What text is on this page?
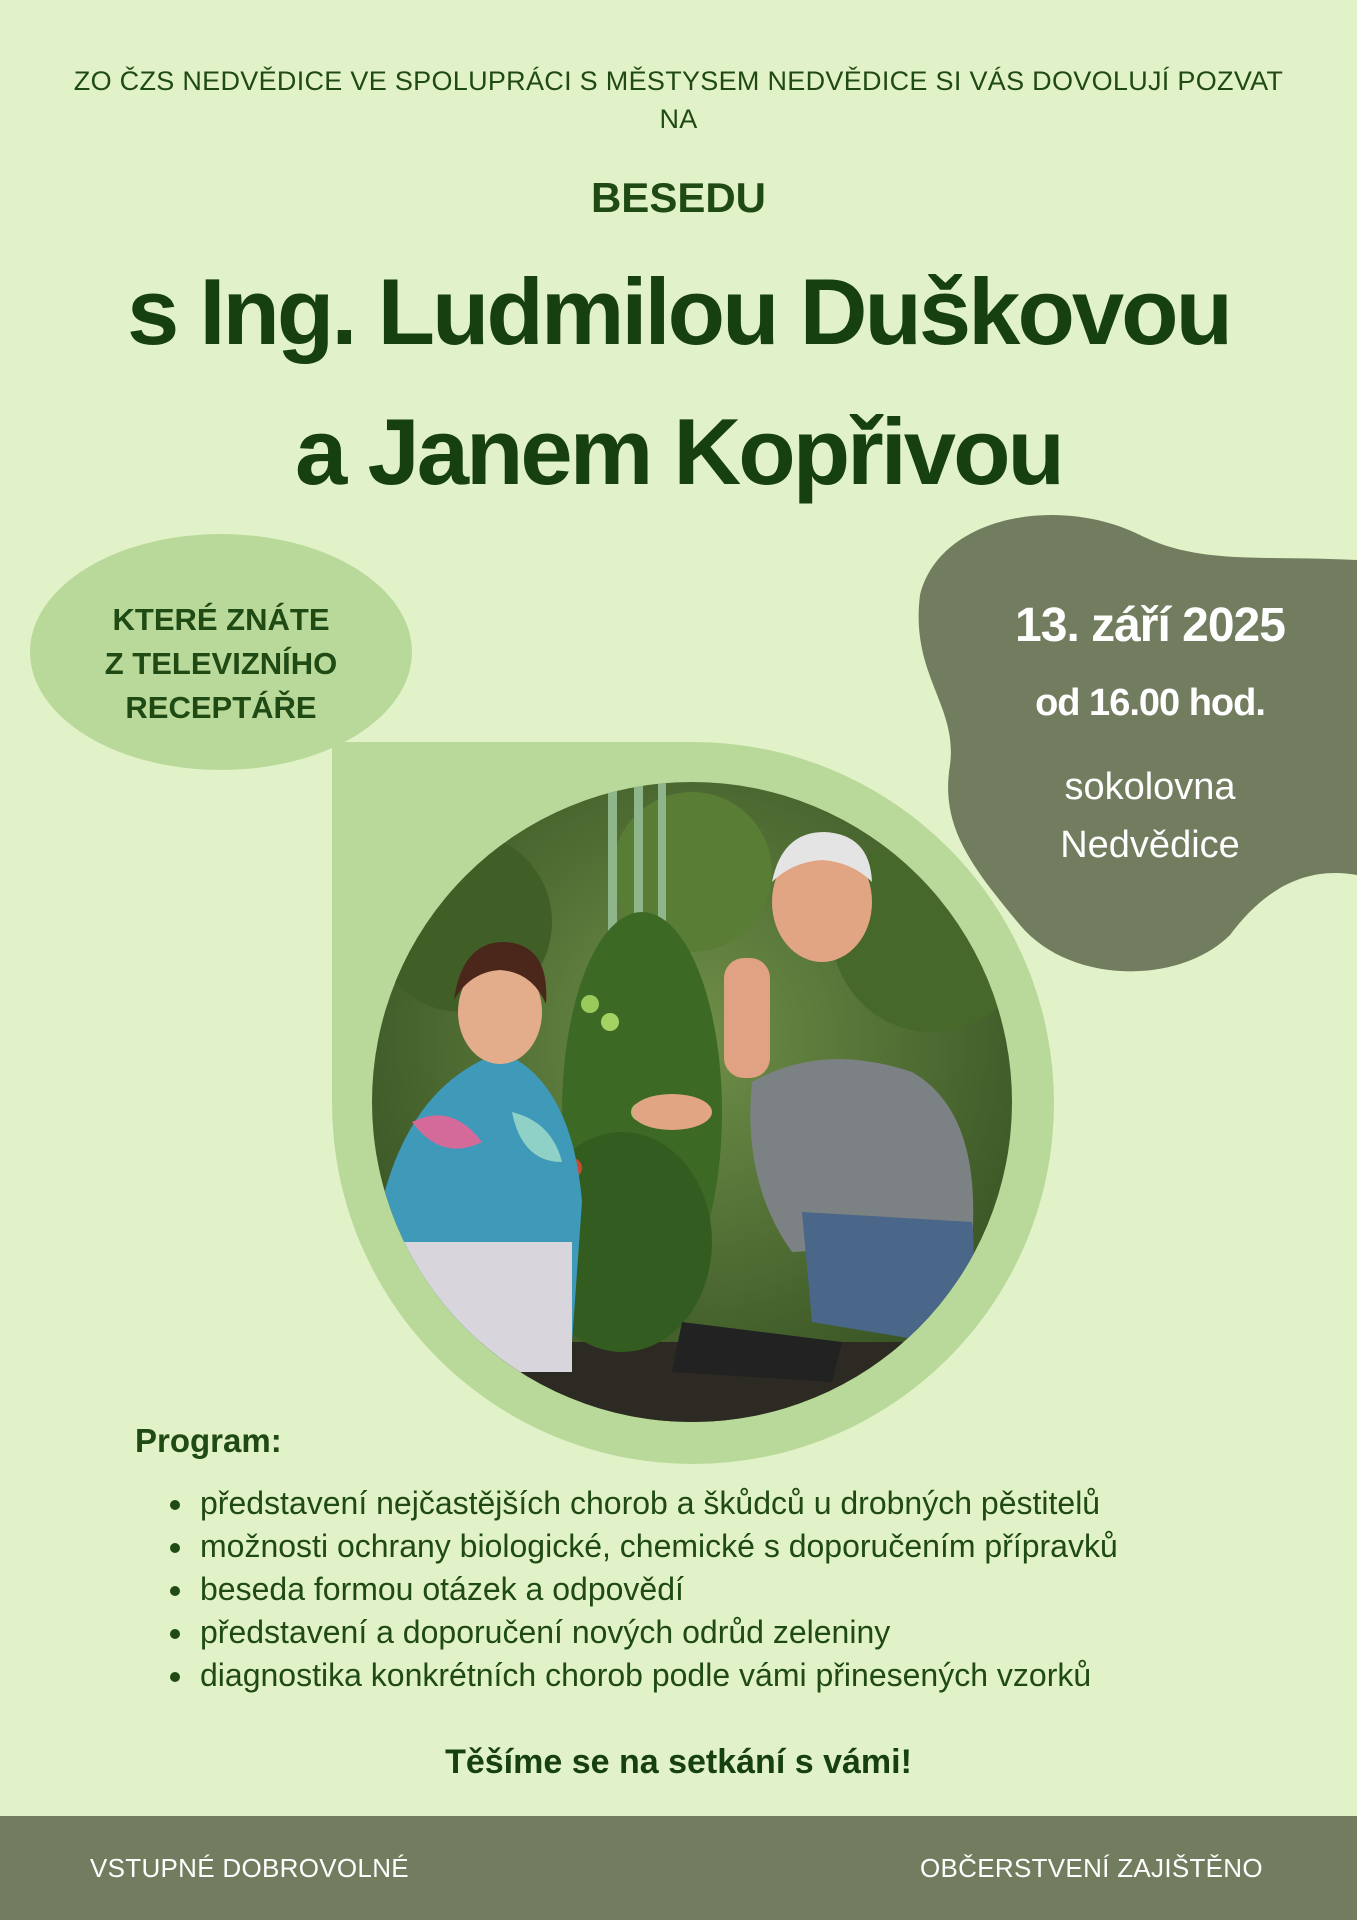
ZO ČZS NEDVĚDICE VE SPOLUPRÁCI S MĚSTYSEM NEDVĚDICE SI VÁS DOVOLUJÍ POZVAT
NA
BESEDU
s Ing. Ludmilou Duškovou
a Janem Kopřivou
KTERÉ ZNÁTE
Z TELEVIZNÍHO
RECEPTÁŘE
13. září 2025
od 16.00 hod.
sokolovna
Nedvědice
Program:
• představení nejčastějších chorob a škůdců u drobných pěstitelů
• možnosti ochrany biologické, chemické s doporučením přípravků
• beseda formou otázek a odpovědí
• představení a doporučení nových odrůd zeleniny
• diagnostika konkrétních chorob podle vámi přinesených vzorků
Těšíme se na setkání s vámi!
VSTUPNÉ DOBROVOLNÉ	OBČERSTVENÍ ZAJIŠTĚNO
